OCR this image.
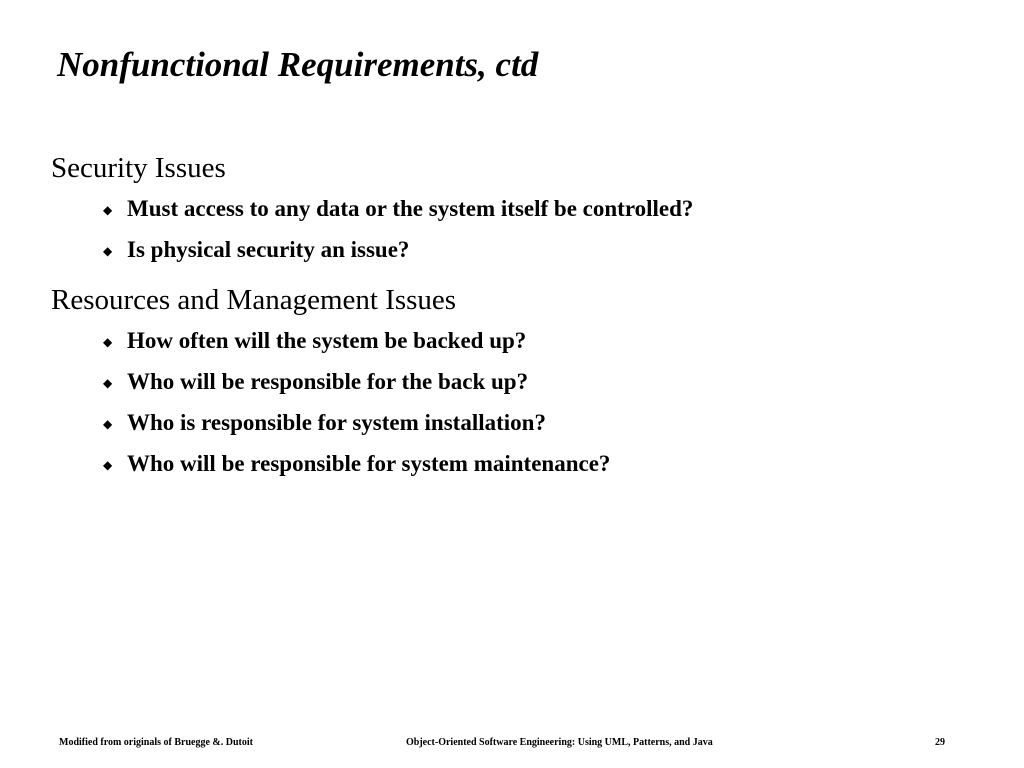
Nonfunctional Requirements, ctd
Security Issues
◆ Must access to any data or the system itself be controlled?
◆ Is physical security an issue?
Resources and Management Issues
◆ How often will the system be backed up?
◆ Who will be responsible for the back up?
◆ Who is responsible for system installation?
◆ Who will be responsible for system maintenance?
Modified from originals of Bruegge &. Dutoit	Object-Oriented Software Engineering: Using UML, Patterns, and Java	29
